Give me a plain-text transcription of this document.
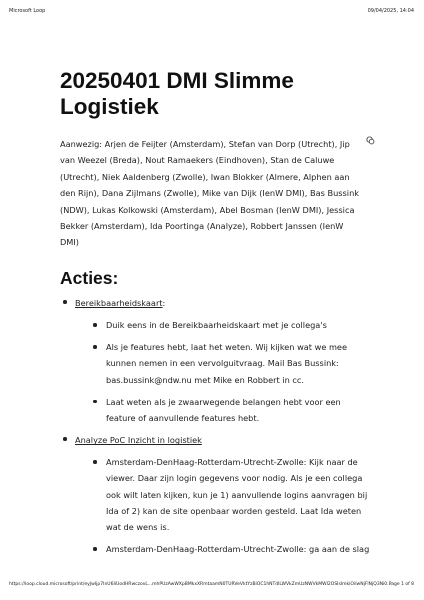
Microsoft Loop	09/04/2025, 14:04
20250401 DMI Slimme Logistiek
Aanwezig: Arjen de Feijter (Amsterdam), Stefan van Dorp (Utrecht), Jip van Weezel (Breda), Nout Ramaekers (Eindhoven), Stan de Caluwe (Utrecht), Niek Aaldenberg (Zwolle), Iwan Blokker (Almere, Alphen aan den Rijn), Dana Zijlmans (Zwolle), Mike van Dijk (IenW DMI), Bas Bussink (NDW), Lukas Kolkowski (Amsterdam), Abel Bosman (IenW DMI), Jessica Bekker (Amsterdam), Ida Poortinga (Analyze), Robbert Janssen (IenW DMI)
Acties:
Bereikbaarheidskaart:
Duik eens in de Bereikbaarheidskaart met je collega's
Als je features hebt, laat het weten. Wij kijken wat we mee kunnen nemen in een vervolguitvraag. Mail Bas Bussink: bas.bussink@ndw.nu met Mike en Robbert in cc.
Laat weten als je zwaarwegende belangen hebt voor een feature of aanvullende features hebt.
Analyze PoC Inzicht in logistiek
Amsterdam-DenHaag-Rotterdam-Utrecht-Zwolle: Kijk naar de viewer. Daar zijn login gegevens voor nodig. Als je een collega ook wilt laten kijken, kun je 1) aanvullende logins aanvragen bij Ida of 2) kan de site openbaar worden gesteld. Laat Ida weten wat de wens is.
Amsterdam-DenHaag-Rotterdam-Utrecht-Zwolle: ga aan de slag
https://loop.cloud.microsoft/print/eyJwIjp7InU6IiUodHRwczovL...mhPUzAwWXpBMkxXRmtaamN0TURVeVktYzBiOC1hNTdlLWVkZmUzNWVkMWI2OSIsImkiOiIwNjFlNjQ3Ni0...
Page 1 of 8
